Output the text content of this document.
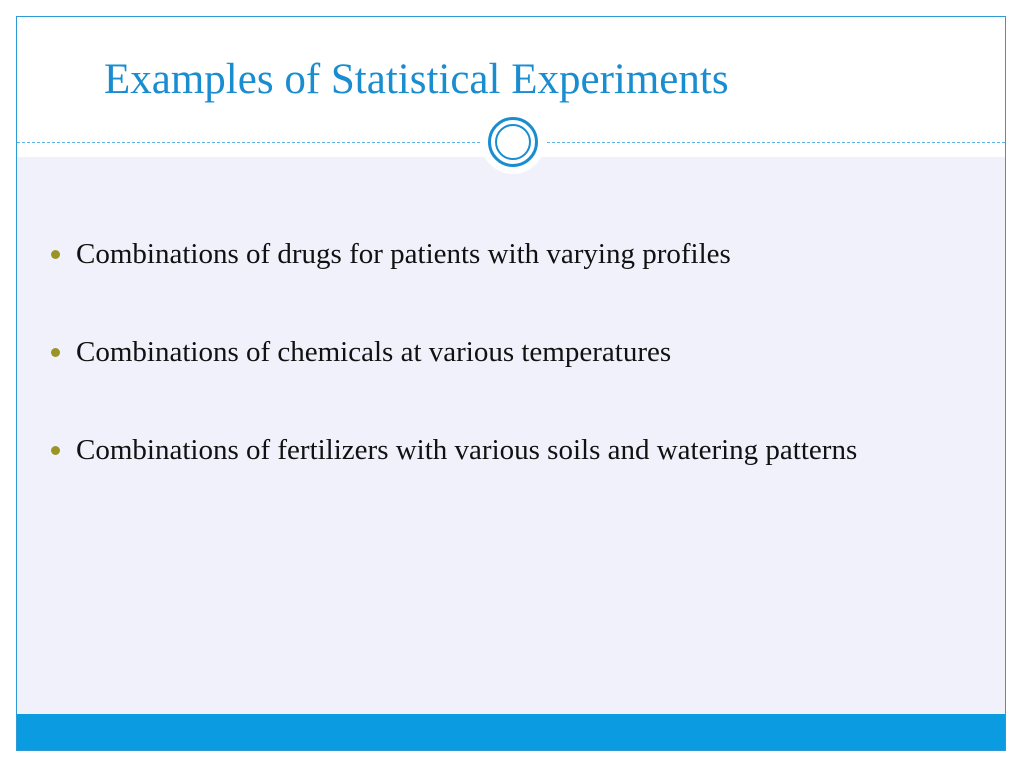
Examples of Statistical Experiments
Combinations of drugs for patients with varying profiles
Combinations of chemicals at various temperatures
Combinations of fertilizers with various soils and watering patterns
